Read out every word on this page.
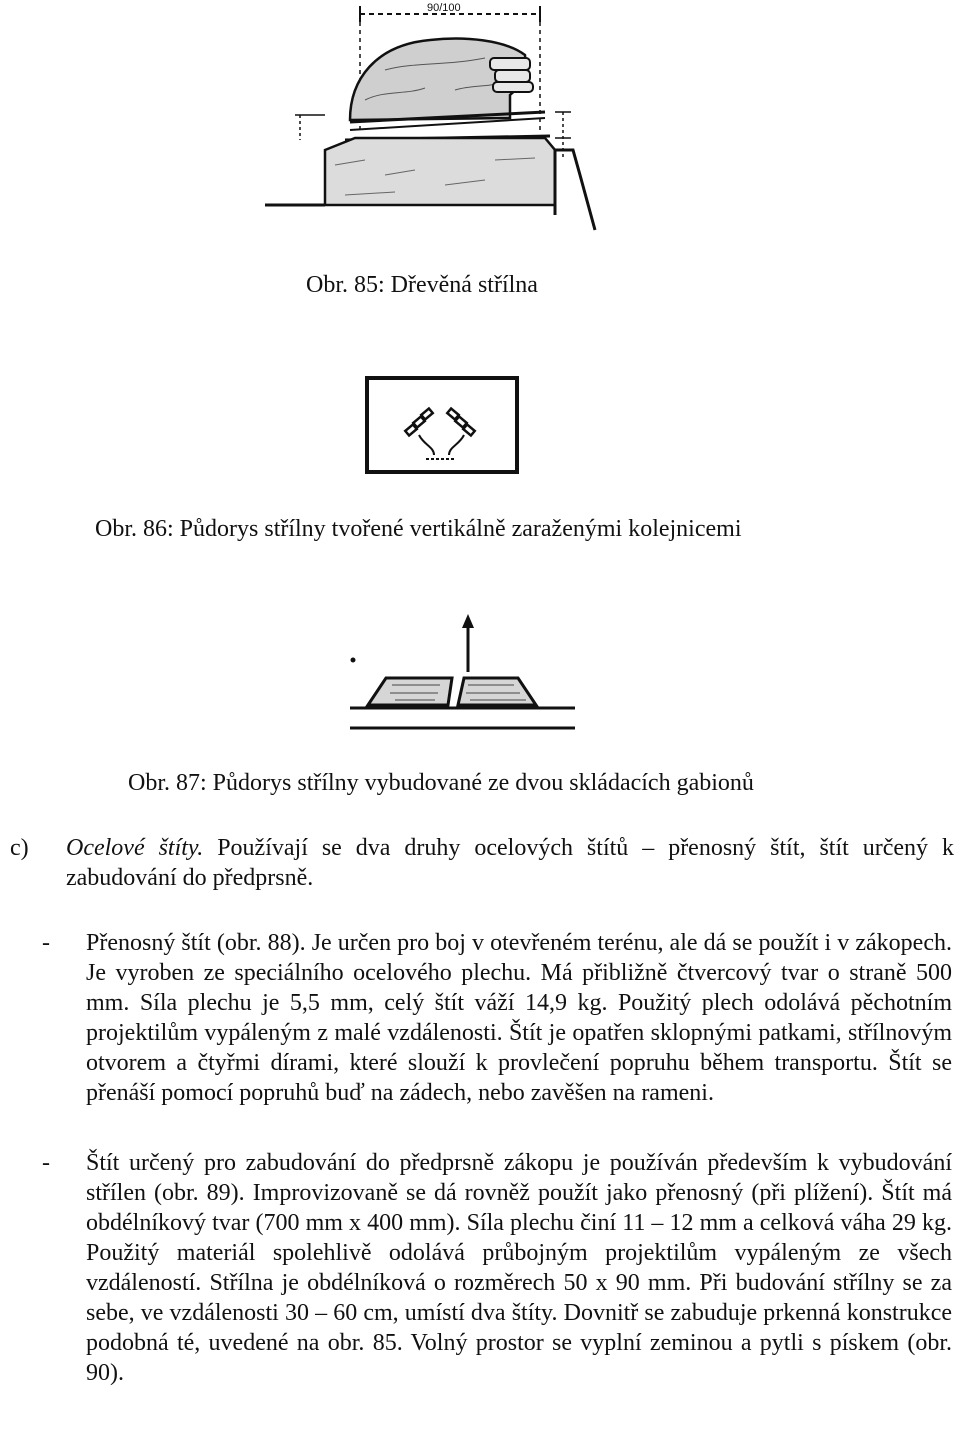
90/100
Obr. 85: Dřevěná střílna
Obr. 86: Půdorys střílny tvořené vertikálně zaraženými kolejnicemi
Obr. 87: Půdorys střílny vybudované ze dvou skládacích gabionů
c) Ocelové štíty. Používají se dva druhy ocelových štítů – přenosný štít, štít určený k zabudování do předprsně.
- Přenosný štít (obr. 88). Je určen pro boj v otevřeném terénu, ale dá se použít i v zákopech. Je vyroben ze speciálního ocelového plechu. Má přibližně čtvercový tvar o straně 500 mm. Síla plechu je 5,5 mm, celý štít váží 14,9 kg. Použitý plech odolává pěchotním projektilům vypáleným z malé vzdálenosti. Štít je opatřen sklopnými patkami, střílnovým otvorem a čtyřmi dírami, které slouží k provlečení popruhu během transportu. Štít se přenáší pomocí popruhů buď na zádech, nebo zavěšen na rameni.
- Štít určený pro zabudování do předprsně zákopu je používán především k vybudování střílen (obr. 89). Improvizovaně se dá rovněž použít jako přenosný (při plížení). Štít má obdélníkový tvar (700 mm x 400 mm). Síla plechu činí 11 – 12 mm a celková váha 29 kg. Použitý materiál spolehlivě odolává průbojným projektilům vypáleným ze všech vzdáleností. Střílna je obdélníková o rozměrech 50 x 90 mm. Při budování střílny se za sebe, ve vzdálenosti 30 – 60 cm, umístí dva štíty. Dovnitř se zabuduje prkenná konstrukce podobná té, uvedené na obr. 85. Volný prostor se vyplní zeminou a pytli s pískem (obr. 90).
